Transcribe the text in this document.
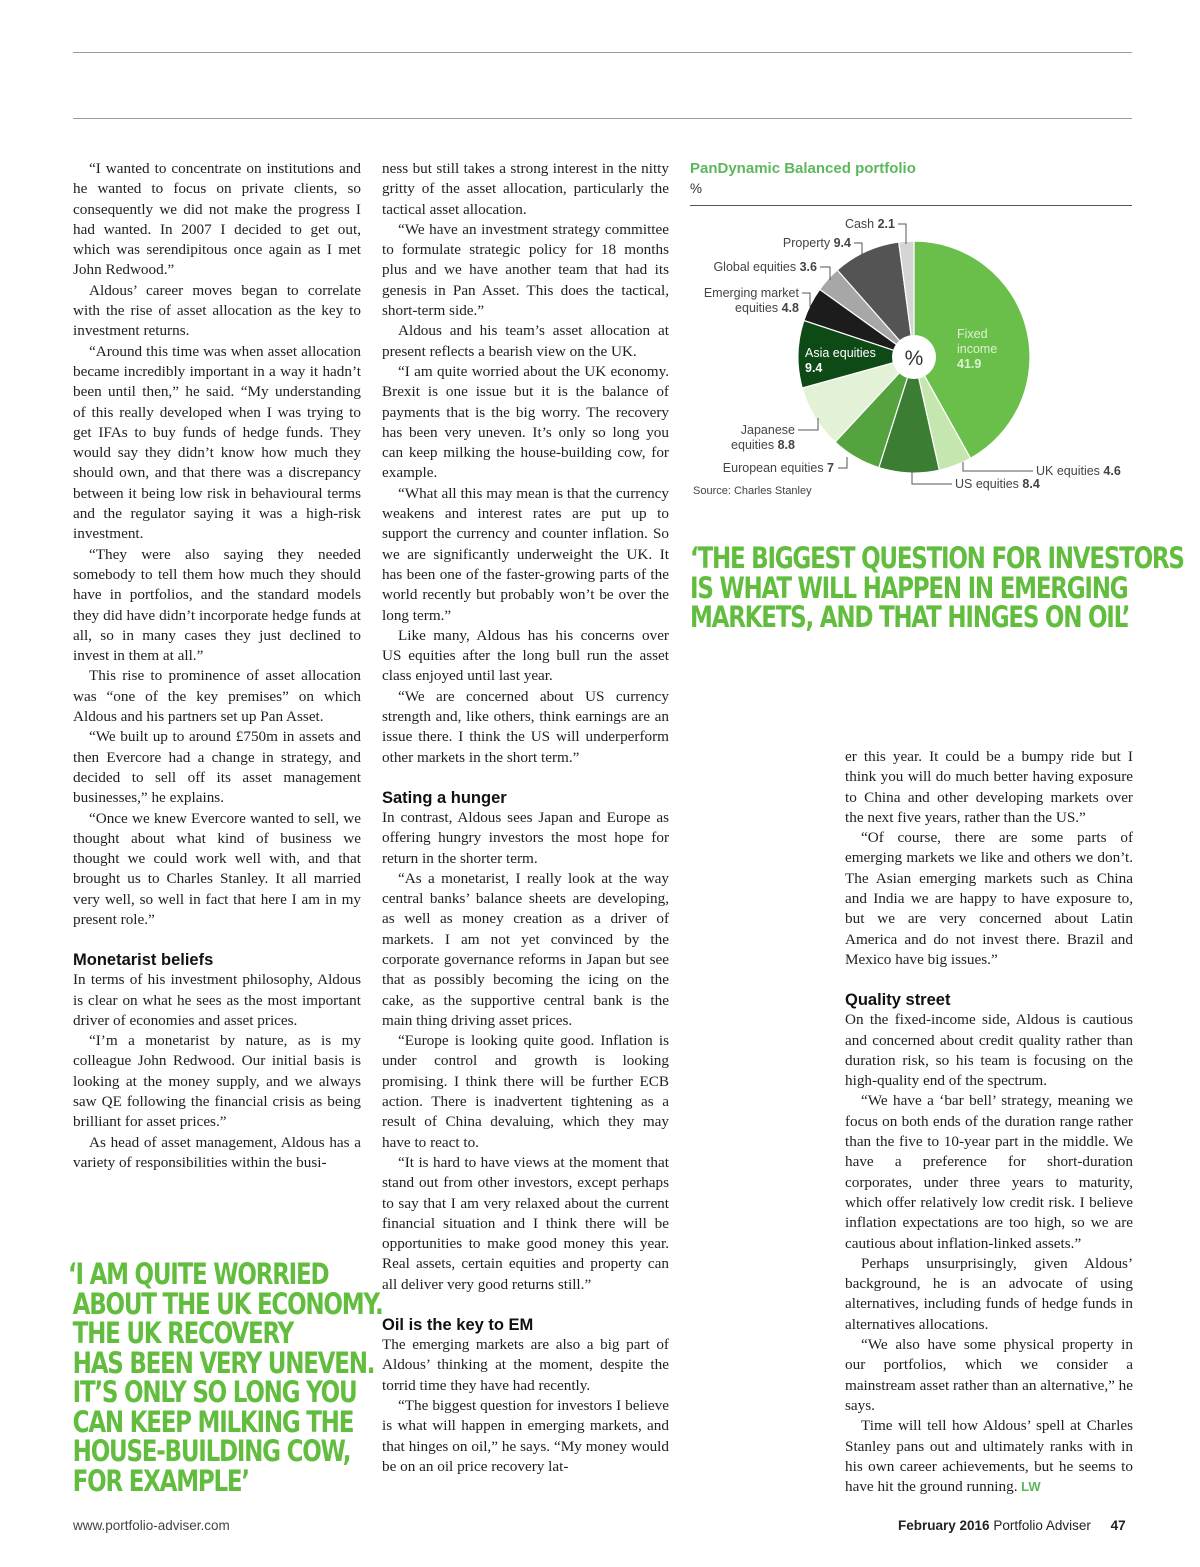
“I wanted to concentrate on institutions and he wanted to focus on private clients, so consequently we did not make the progress I had wanted. In 2007 I decided to get out, which was serendipitous once again as I met John Redwood.”

Aldous’ career moves began to correlate with the rise of asset allocation as the key to investment returns.

“Around this time was when asset allocation became incredibly important in a way it hadn’t been until then,” he said. “My understanding of this really developed when I was trying to get IFAs to buy funds of hedge funds. They would say they didn’t know how much they should own, and that there was a discrepancy between it being low risk in behavioural terms and the regulator saying it was a high-risk investment.

“They were also saying they needed somebody to tell them how much they should have in portfolios, and the standard models they did have didn’t incorporate hedge funds at all, so in many cases they just declined to invest in them at all.”

This rise to prominence of asset allocation was “one of the key premises” on which Aldous and his partners set up Pan Asset.

“We built up to around £750m in assets and then Evercore had a change in strategy, and decided to sell off its asset management businesses,” he explains.

“Once we knew Evercore wanted to sell, we thought about what kind of business we thought we could work well with, and that brought us to Charles Stanley. It all married very well, so well in fact that here I am in my present role.”

Monetarist beliefs

In terms of his investment philosophy, Aldous is clear on what he sees as the most important driver of economies and asset prices.

“I’m a monetarist by nature, as is my colleague John Redwood. Our initial basis is looking at the money supply, and we always saw QE following the financial crisis as being brilliant for asset prices.”

As head of asset management, Aldous has a variety of responsibilities within the busi-

ness but still takes a strong interest in the nitty gritty of the asset allocation, particularly the tactical asset allocation.

“We have an investment strategy committee to formulate strategic policy for 18 months plus and we have another team that had its genesis in Pan Asset. This does the tactical, short-term side.”

Aldous and his team’s asset allocation at present reflects a bearish view on the UK.

“I am quite worried about the UK economy. Brexit is one issue but it is the balance of payments that is the big worry. The recovery has been very uneven. It’s only so long you can keep milking the house-building cow, for example.

“What all this may mean is that the currency weakens and interest rates are put up to support the currency and counter inflation. So we are significantly underweight the UK. It has been one of the faster-growing parts of the world recently but probably won’t be over the long term.”

Like many, Aldous has his concerns over US equities after the long bull run the asset class enjoyed until last year.

“We are concerned about US currency strength and, like others, think earnings are an issue there. I think the US will underperform other markets in the short term.”

Sating a hunger

In contrast, Aldous sees Japan and Europe as offering hungry investors the most hope for return in the shorter term.

“As a monetarist, I really look at the way central banks’ balance sheets are developing, as well as money creation as a driver of markets. I am not yet convinced by the corporate governance reforms in Japan but see that as possibly becoming the icing on the cake, as the supportive central bank is the main thing driving asset prices.

“Europe is looking quite good. Inflation is under control and growth is looking promising. I think there will be further ECB action. There is inadvertent tightening as a result of China devaluing, which they may have to react to.

“It is hard to have views at the moment that stand out from other investors, except perhaps to say that I am very relaxed about the current financial situation and I think there will be opportunities to make good money this year. Real assets, certain equities and property can all deliver very good returns still.”

Oil is the key to EM

The emerging markets are also a big part of Aldous’ thinking at the moment, despite the torrid time they have had recently.

“The biggest question for investors I believe is what will happen in emerging markets, and that hinges on oil,” he says. “My money would be on an oil price recovery lat-

er this year. It could be a bumpy ride but I think you will do much better having exposure to China and other developing markets over the next five years, rather than the US.”

“Of course, there are some parts of emerging markets we like and others we don’t. The Asian emerging markets such as China and India we are happy to have exposure to, but we are very concerned about Latin America and do not invest there. Brazil and Mexico have big issues.”

Quality street

On the fixed-income side, Aldous is cautious and concerned about credit quality rather than duration risk, so his team is focusing on the high-quality end of the spectrum.

“We have a ‘bar bell’ strategy, meaning we focus on both ends of the duration range rather than the five to 10-year part in the middle. We have a preference for short-duration corporates, under three years to maturity, which offer relatively low credit risk. I believe inflation expectations are too high, so we are cautious about inflation-linked assets.”

Perhaps unsurprisingly, given Aldous’ background, he is an advocate of using alternatives, including funds of hedge funds in alternatives allocations.

“We also have some physical property in our portfolios, which we consider a mainstream asset rather than an alternative,” he says.

Time will tell how Aldous’ spell at Charles Stanley pans out and ultimately ranks with in his own career achievements, but he seems to have hit the ground running. LW

‘THE BIGGEST QUESTION FOR INVESTORS
IS WHAT WILL HAPPEN IN EMERGING
MARKETS, AND THAT HINGES ON OIL’
‘I AM QUITE WORRIED
ABOUT THE UK ECONOMY.
THE UK RECOVERY
HAS BEEN VERY UNEVEN.
IT’S ONLY SO LONG YOU
CAN KEEP MILKING THE
HOUSE-BUILDING COW,
FOR EXAMPLE’
PanDynamic Balanced portfolio
%
%
Fixed income 41.9
Asia equities 9.4
Cash 2.1
Property 9.4
Global equities 3.6
Emerging market equities 4.8
Japanese equities 8.8
European equities 7
US equities 8.4
UK equities 4.6
Source: Charles Stanley
www.portfolio-adviser.com	February 2016 Portfolio Adviser 47
